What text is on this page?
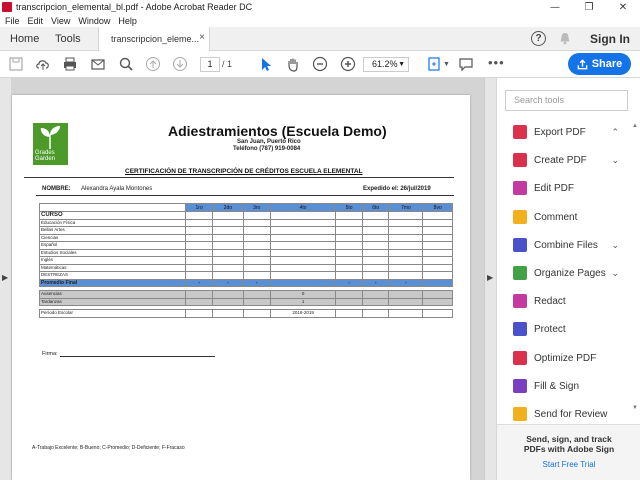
transcripcion_elemental_bl.pdf - Adobe Acrobat Reader DC	—	❐	✕
File Edit View Window Help
Home Tools	transcripcion_eleme... ×	?	Sign In
1	/ 1	61.2% ▼	▼	•••	Share
▶	▶
Grades
Garden
Adiestramientos (Escuela Demo)
San Juan, Puerto Rico
Teléfono (787) 919-0084
CERTIFICACIÓN DE TRANSCRIPCIÓN DE CRÉDITOS ESCUELA ELEMENTAL
NOMBRE: Alexandra Ayala Montones	Expedido el: 26/jul/2019
	1ro	2do	3ro	4to	5to	6to	7mo	8vo
CURSO								
Educación Física								
Bellas Artes								
Ciencias								
Español								
Estudios Sociales								
Inglés								
Matemáticas								
DESTREZAS								
Promedio Final	-	-	-		-	-	-	

Ausencias				0				
Tardanzas				1				

Período Escolar				2018-2019				
Firma:
A-Trabajo Excelente; B-Bueno; C-Promedio; D-Deficiente; F-Fracaso
Search tools
Export PDF	⌃
Create PDF	⌄
Edit PDF
Comment
Combine Files ⌄
Organize Pages ⌄
Redact
Protect
Optimize PDF
Fill & Sign
Send for Review
▲
▼
Send, sign, and track
PDFs with Adobe Sign
Start Free Trial
